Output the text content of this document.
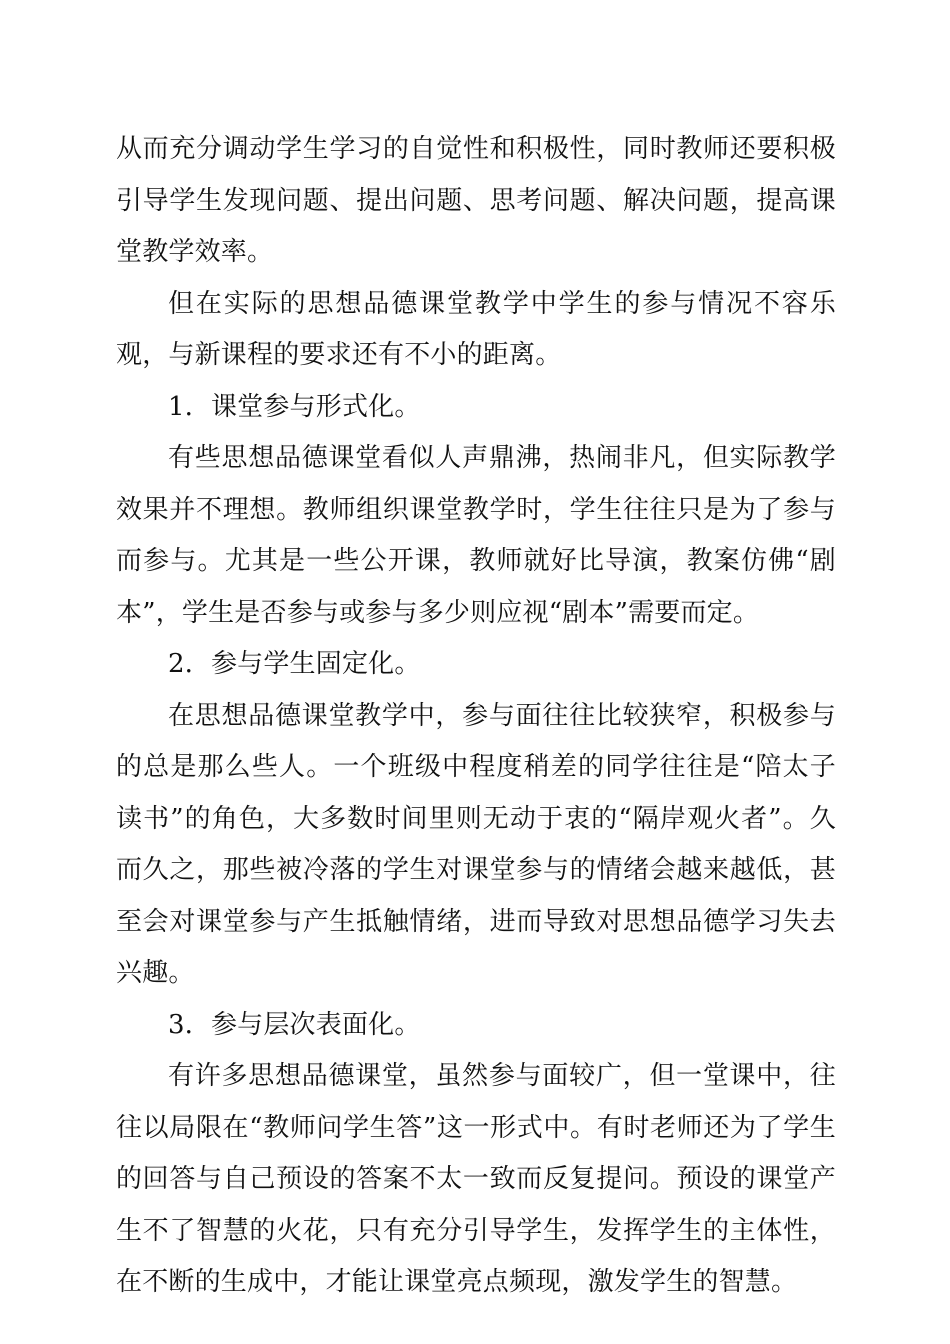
从而充分调动学生学习的自觉性和积极性，同时教师还要积极引导学生发现问题、提出问题、思考问题、解决问题，提高课堂教学效率。

但在实际的思想品德课堂教学中学生的参与情况不容乐观，与新课程的要求还有不小的距离。

1．课堂参与形式化。

有些思想品德课堂看似人声鼎沸，热闹非凡，但实际教学效果并不理想。教师组织课堂教学时，学生往往只是为了参与而参与。尤其是一些公开课，教师就好比导演，教案仿佛“剧本”，学生是否参与或参与多少则应视“剧本”需要而定。

2．参与学生固定化。

在思想品德课堂教学中，参与面往往比较狭窄，积极参与的总是那么些人。一个班级中程度稍差的同学往往是“陪太子读书”的角色，大多数时间里则无动于衷的“隔岸观火者”。久而久之，那些被冷落的学生对课堂参与的情绪会越来越低，甚至会对课堂参与产生抵触情绪，进而导致对思想品德学习失去兴趣。

3．参与层次表面化。

有许多思想品德课堂，虽然参与面较广，但一堂课中，往往以局限在“教师问学生答”这一形式中。有时老师还为了学生的回答与自己预设的答案不太一致而反复提问。预设的课堂产生不了智慧的火花，只有充分引导学生，发挥学生的主体性，在不断的生成中，才能让课堂亮点频现，激发学生的智慧。
